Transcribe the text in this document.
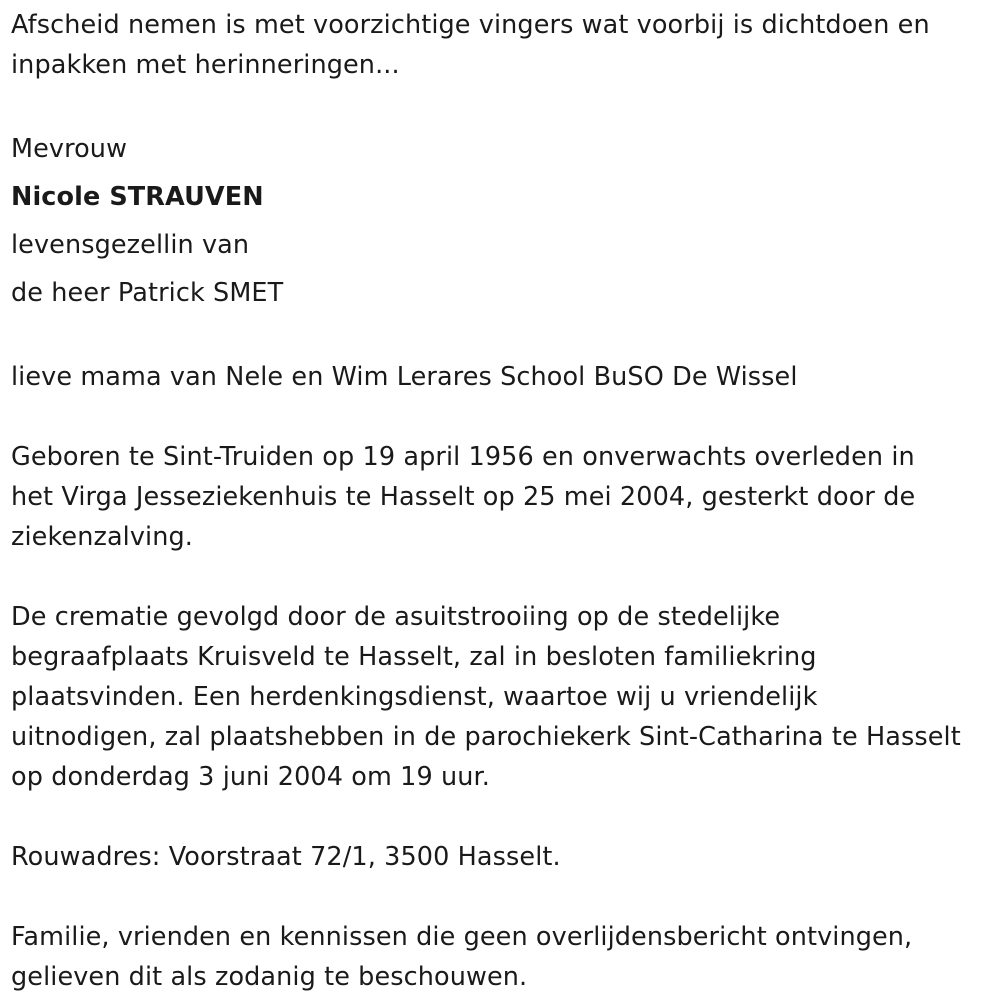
Afscheid nemen is met voorzichtige vingers wat voorbij is dichtdoen en
inpakken met herinneringen...

Mevrouw
Nicole STRAUVEN
levensgezellin van
de heer Patrick SMET

lieve mama van Nele en Wim Lerares School BuSO De Wissel

Geboren te Sint-Truiden op 19 april 1956 en onverwachts overleden in
het Virga Jesseziekenhuis te Hasselt op 25 mei 2004, gesterkt door de
ziekenzalving.

De crematie gevolgd door de asuitstrooiing op de stedelijke
begraafplaats Kruisveld te Hasselt, zal in besloten familiekring
plaatsvinden. Een herdenkingsdienst, waartoe wij u vriendelijk
uitnodigen, zal plaatshebben in de parochiekerk Sint-Catharina te Hasselt
op donderdag 3 juni 2004 om 19 uur.

Rouwadres: Voorstraat 72/1, 3500 Hasselt.

Familie, vrienden en kennissen die geen overlijdensbericht ontvingen,
gelieven dit als zodanig te beschouwen.
